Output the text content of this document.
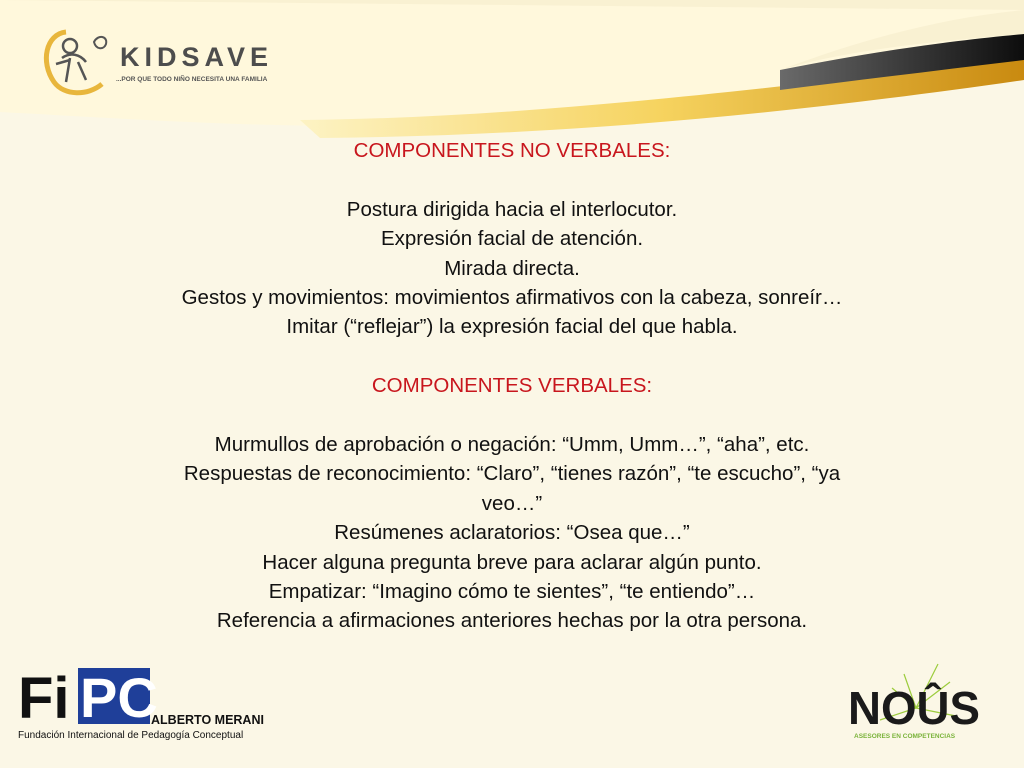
KIDSAVE
...POR QUE TODO NIÑO NECESITA UNA FAMILIA
COMPONENTES NO VERBALES:
Postura dirigida hacia el interlocutor.
Expresión facial de atención.
Mirada directa.
Gestos y movimientos: movimientos afirmativos con la cabeza, sonreír…
Imitar (“reflejar”) la expresión facial del que habla.
COMPONENTES VERBALES:
Murmullos de aprobación o negación: “Umm, Umm…”, “aha”, etc.
Respuestas de reconocimiento: “Claro”, “tienes razón”, “te escucho”, “ya
veo…”
Resúmenes aclaratorios: “Osea que…”
Hacer alguna pregunta breve para aclarar algún punto.
Empatizar: “Imagino cómo te sientes”, “te entiendo”…
Referencia a afirmaciones anteriores hechas por la otra persona.
Fi PC
ALBERTO MERANI
Fundación Internacional de Pedagogía Conceptual
NOÛS
ASESORES EN COMPETENCIAS
